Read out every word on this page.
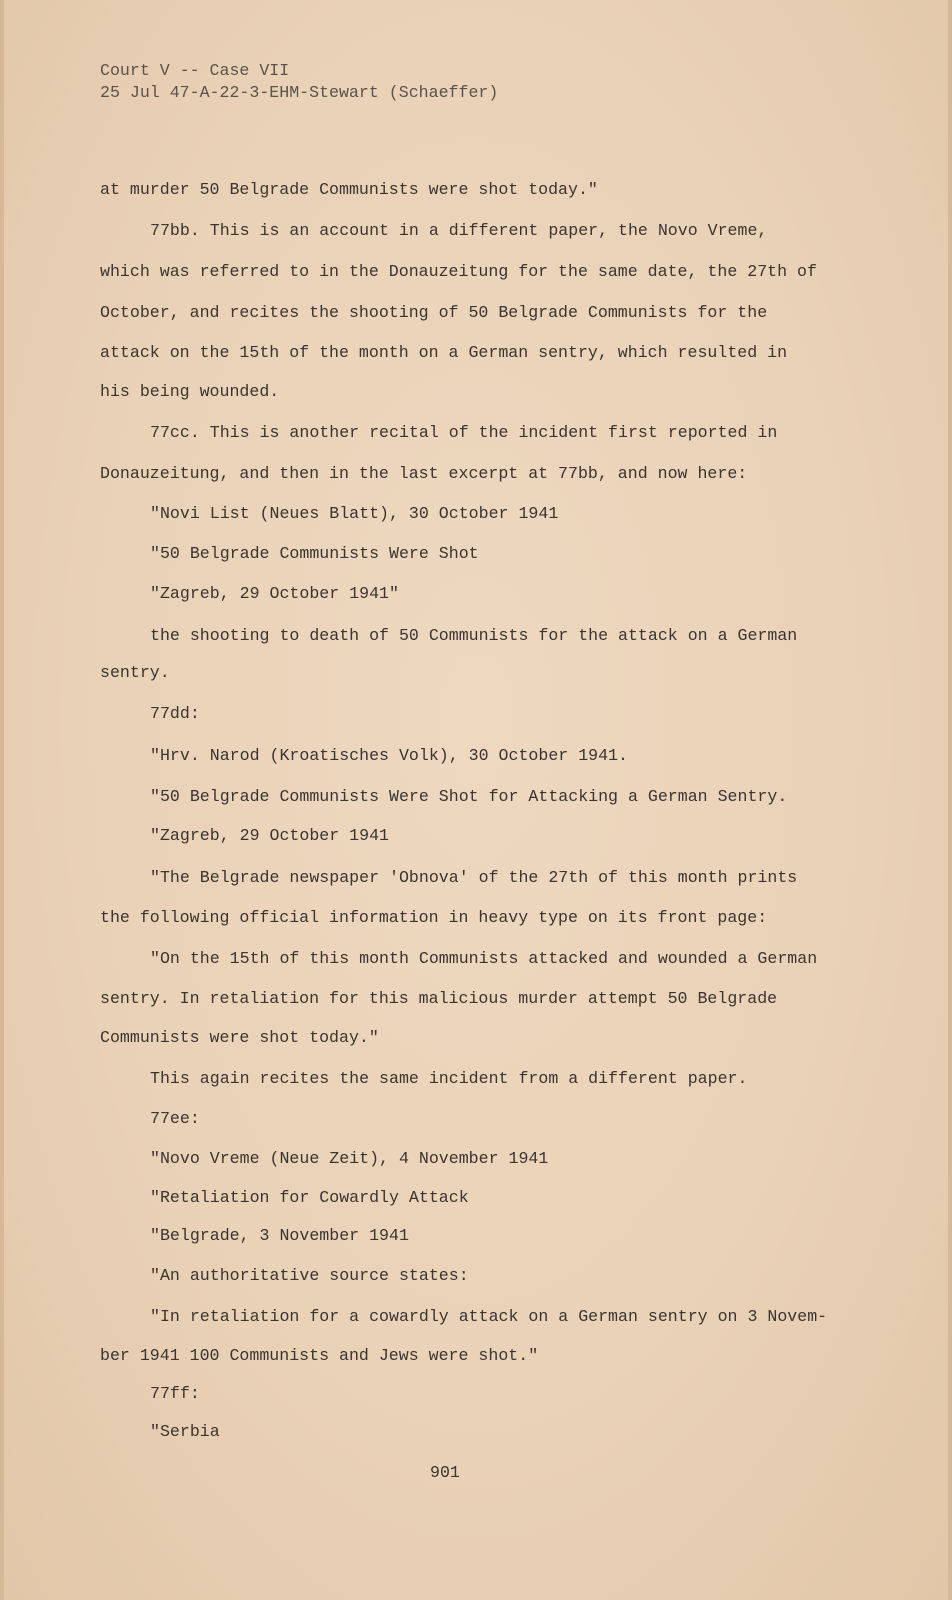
Court V -- Case VII
25 Jul 47-A-22-3-EHM-Stewart (Schaeffer)
at murder 50 Belgrade Communists were shot today."
77bb. This is an account in a different paper, the Novo Vreme,
which was referred to in the Donauzeitung for the same date, the 27th of
October, and recites the shooting of 50 Belgrade Communists for the
attack on the 15th of the month on a German sentry, which resulted in
his being wounded.
77cc. This is another recital of the incident first reported in
Donauzeitung, and then in the last excerpt at 77bb, and now here:
"Novi List (Neues Blatt), 30 October 1941
"50 Belgrade Communists Were Shot
"Zagreb, 29 October 1941"
the shooting to death of 50 Communists for the attack on a German
sentry.
77dd:
"Hrv. Narod (Kroatisches Volk), 30 October 1941.
"50 Belgrade Communists Were Shot for Attacking a German Sentry.
"Zagreb, 29 October 1941
"The Belgrade newspaper 'Obnova' of the 27th of this month prints
the following official information in heavy type on its front page:
"On the 15th of this month Communists attacked and wounded a German
sentry. In retaliation for this malicious murder attempt 50 Belgrade
Communists were shot today."
This again recites the same incident from a different paper.
77ee:
"Novo Vreme (Neue Zeit), 4 November 1941
"Retaliation for Cowardly Attack
"Belgrade, 3 November 1941
"An authoritative source states:
"In retaliation for a cowardly attack on a German sentry on 3 Novem-
ber 1941 100 Communists and Jews were shot."
77ff:
"Serbia
901
